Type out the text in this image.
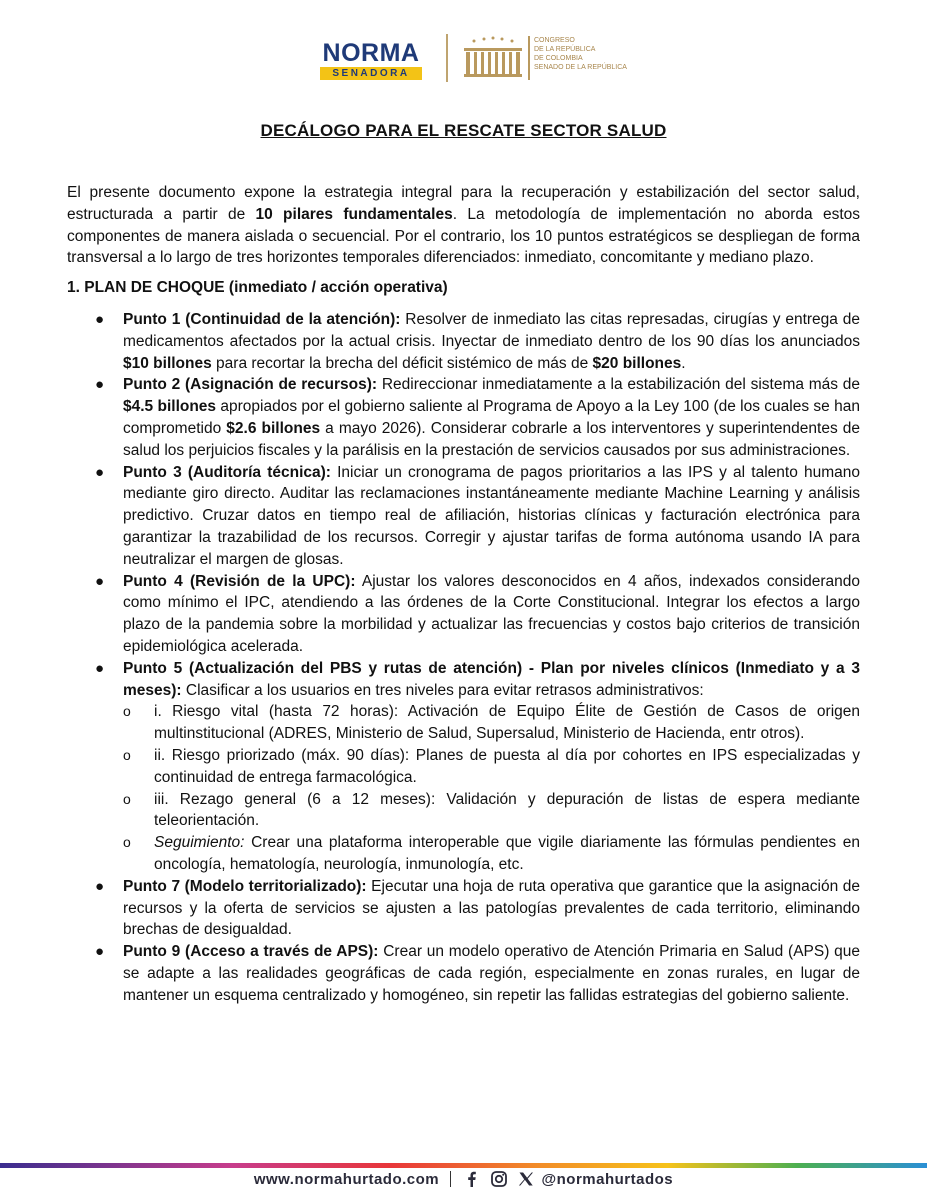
NORMA
SENADORA
CONGRESO
DE LA REPÚBLICA
DE COLOMBIA
SENADO DE LA REPÚBLICA
DECÁLOGO PARA EL RESCATE SECTOR SALUD

El presente documento expone la estrategia integral para la recuperación y estabilización del sector salud, estructurada a partir de 10 pilares fundamentales. La metodología de implementación no aborda estos componentes de manera aislada o secuencial. Por el contrario, los 10 puntos estratégicos se despliegan de forma transversal a lo largo de tres horizontes temporales diferenciados: inmediato, concomitante y mediano plazo.

1. PLAN DE CHOQUE (inmediato / acción operativa)
● Punto 1 (Continuidad de la atención): Resolver de inmediato las citas represadas, cirugías y entrega de medicamentos afectados por la actual crisis. Inyectar de inmediato dentro de los 90 días los anunciados $10 billones para recortar la brecha del déficit sistémico de más de $20 billones.
● Punto 2 (Asignación de recursos): Redireccionar inmediatamente a la estabilización del sistema más de $4.5 billones apropiados por el gobierno saliente al Programa de Apoyo a la Ley 100 (de los cuales se han comprometido $2.6 billones a mayo 2026). Considerar cobrarle a los interventores y superintendentes de salud los perjuicios fiscales y la parálisis en la prestación de servicios causados por sus administraciones.
● Punto 3 (Auditoría técnica): Iniciar un cronograma de pagos prioritarios a las IPS y al talento humano mediante giro directo. Auditar las reclamaciones instantáneamente mediante Machine Learning y análisis predictivo. Cruzar datos en tiempo real de afiliación, historias clínicas y facturación electrónica para garantizar la trazabilidad de los recursos. Corregir y ajustar tarifas de forma autónoma usando IA para neutralizar el margen de glosas.
● Punto 4 (Revisión de la UPC): Ajustar los valores desconocidos en 4 años, indexados considerando como mínimo el IPC, atendiendo a las órdenes de la Corte Constitucional. Integrar los efectos a largo plazo de la pandemia sobre la morbilidad y actualizar las frecuencias y costos bajo criterios de transición epidemiológica acelerada.
● Punto 5 (Actualización del PBS y rutas de atención) - Plan por niveles clínicos (Inmediato y a 3 meses): Clasificar a los usuarios en tres niveles para evitar retrasos administrativos:
o i. Riesgo vital (hasta 72 horas): Activación de Equipo Élite de Gestión de Casos de origen multinstitucional (ADRES, Ministerio de Salud, Supersalud, Ministerio de Hacienda, entr otros).
o ii. Riesgo priorizado (máx. 90 días): Planes de puesta al día por cohortes en IPS especializadas y continuidad de entrega farmacológica.
o iii. Rezago general (6 a 12 meses): Validación y depuración de listas de espera mediante teleorientación.
o Seguimiento: Crear una plataforma interoperable que vigile diariamente las fórmulas pendientes en oncología, hematología, neurología, inmunología, etc.
● Punto 7 (Modelo territorializado): Ejecutar una hoja de ruta operativa que garantice que la asignación de recursos y la oferta de servicios se ajusten a las patologías prevalentes de cada territorio, eliminando brechas de desigualdad.
● Punto 9 (Acceso a través de APS): Crear un modelo operativo de Atención Primaria en Salud (APS) que se adapte a las realidades geográficas de cada región, especialmente en zonas rurales, en lugar de mantener un esquema centralizado y homogéneo, sin repetir las fallidas estrategias del gobierno saliente.
www.normahurtado.com	@normahurtados
